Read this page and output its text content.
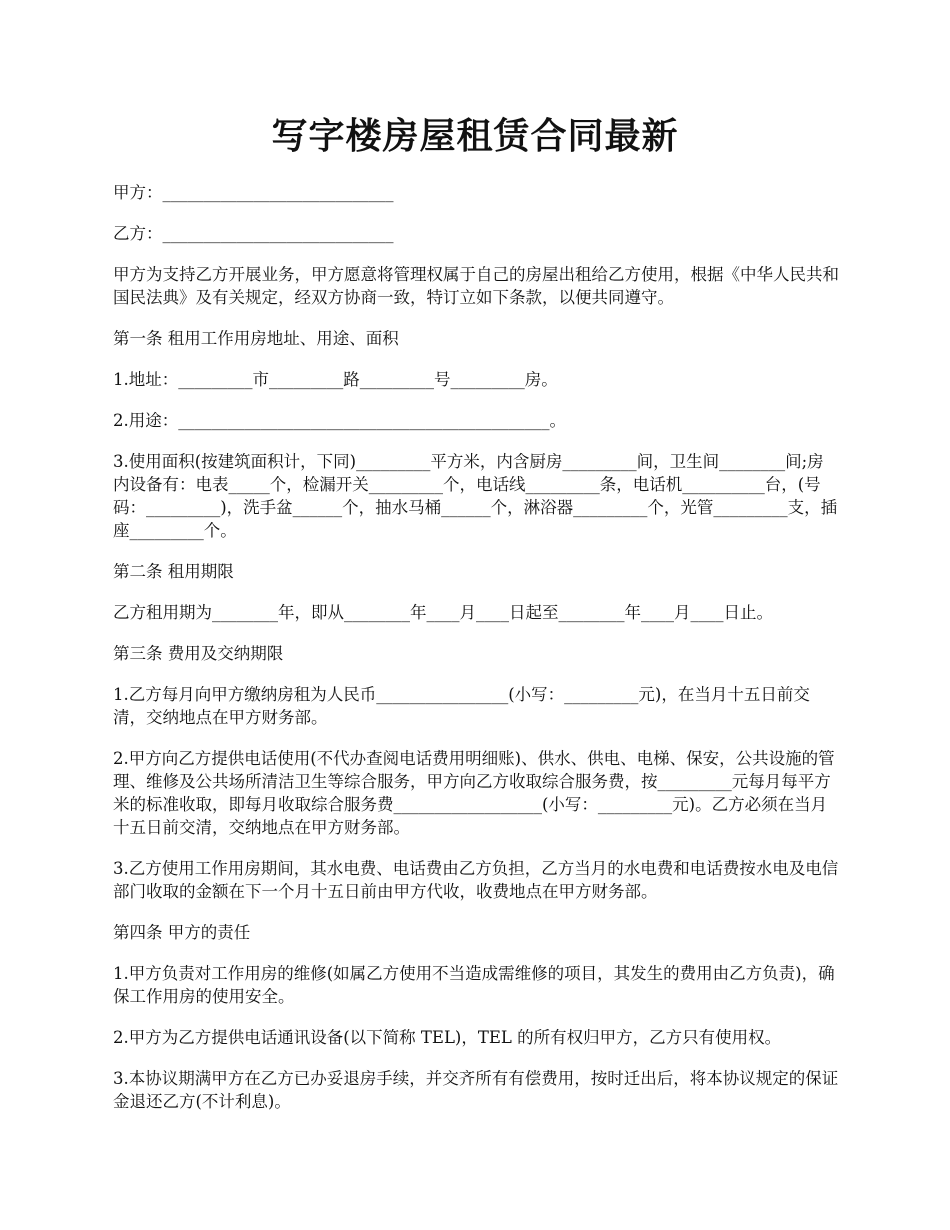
写字楼房屋租赁合同最新

甲方：____________________________

乙方：____________________________

甲方为支持乙方开展业务，甲方愿意将管理权属于自己的房屋出租给乙方使用，根据《中华人民共和国民法典》及有关规定，经双方协商一致，特订立如下条款，以便共同遵守。

第一条 租用工作用房地址、用途、面积

1.地址：_________市_________路_________号_________房。

2.用途：_____________________________________________。

3.使用面积(按建筑面积计，下同)_________平方米，内含厨房_________间，卫生间________间;房内设备有：电表_____个，检漏开关_________个，电话线_________条，电话机__________台，(号码：_________)，洗手盆______个，抽水马桶______个，淋浴器_________个，光管_________支，插座_________个。

第二条 租用期限

乙方租用期为________年，即从________年____月____日起至________年____月____日止。

第三条 费用及交纳期限

1.乙方每月向甲方缴纳房租为人民币________________(小写：_________元)，在当月十五日前交清，交纳地点在甲方财务部。

2.甲方向乙方提供电话使用(不代办查阅电话费用明细账)、供水、供电、电梯、保安，公共设施的管理、维修及公共场所清洁卫生等综合服务，甲方向乙方收取综合服务费，按_________元每月每平方米的标准收取，即每月收取综合服务费__________________(小写：_________元)。乙方必须在当月十五日前交清，交纳地点在甲方财务部。

3.乙方使用工作用房期间，其水电费、电话费由乙方负担，乙方当月的水电费和电话费按水电及电信部门收取的金额在下一个月十五日前由甲方代收，收费地点在甲方财务部。

第四条 甲方的责任

1.甲方负责对工作用房的维修(如属乙方使用不当造成需维修的项目，其发生的费用由乙方负责)，确保工作用房的使用安全。

2.甲方为乙方提供电话通讯设备(以下简称 TEL)，TEL 的所有权归甲方，乙方只有使用权。

3.本协议期满甲方在乙方已办妥退房手续，并交齐所有有偿费用，按时迁出后，将本协议规定的保证金退还乙方(不计利息)。
